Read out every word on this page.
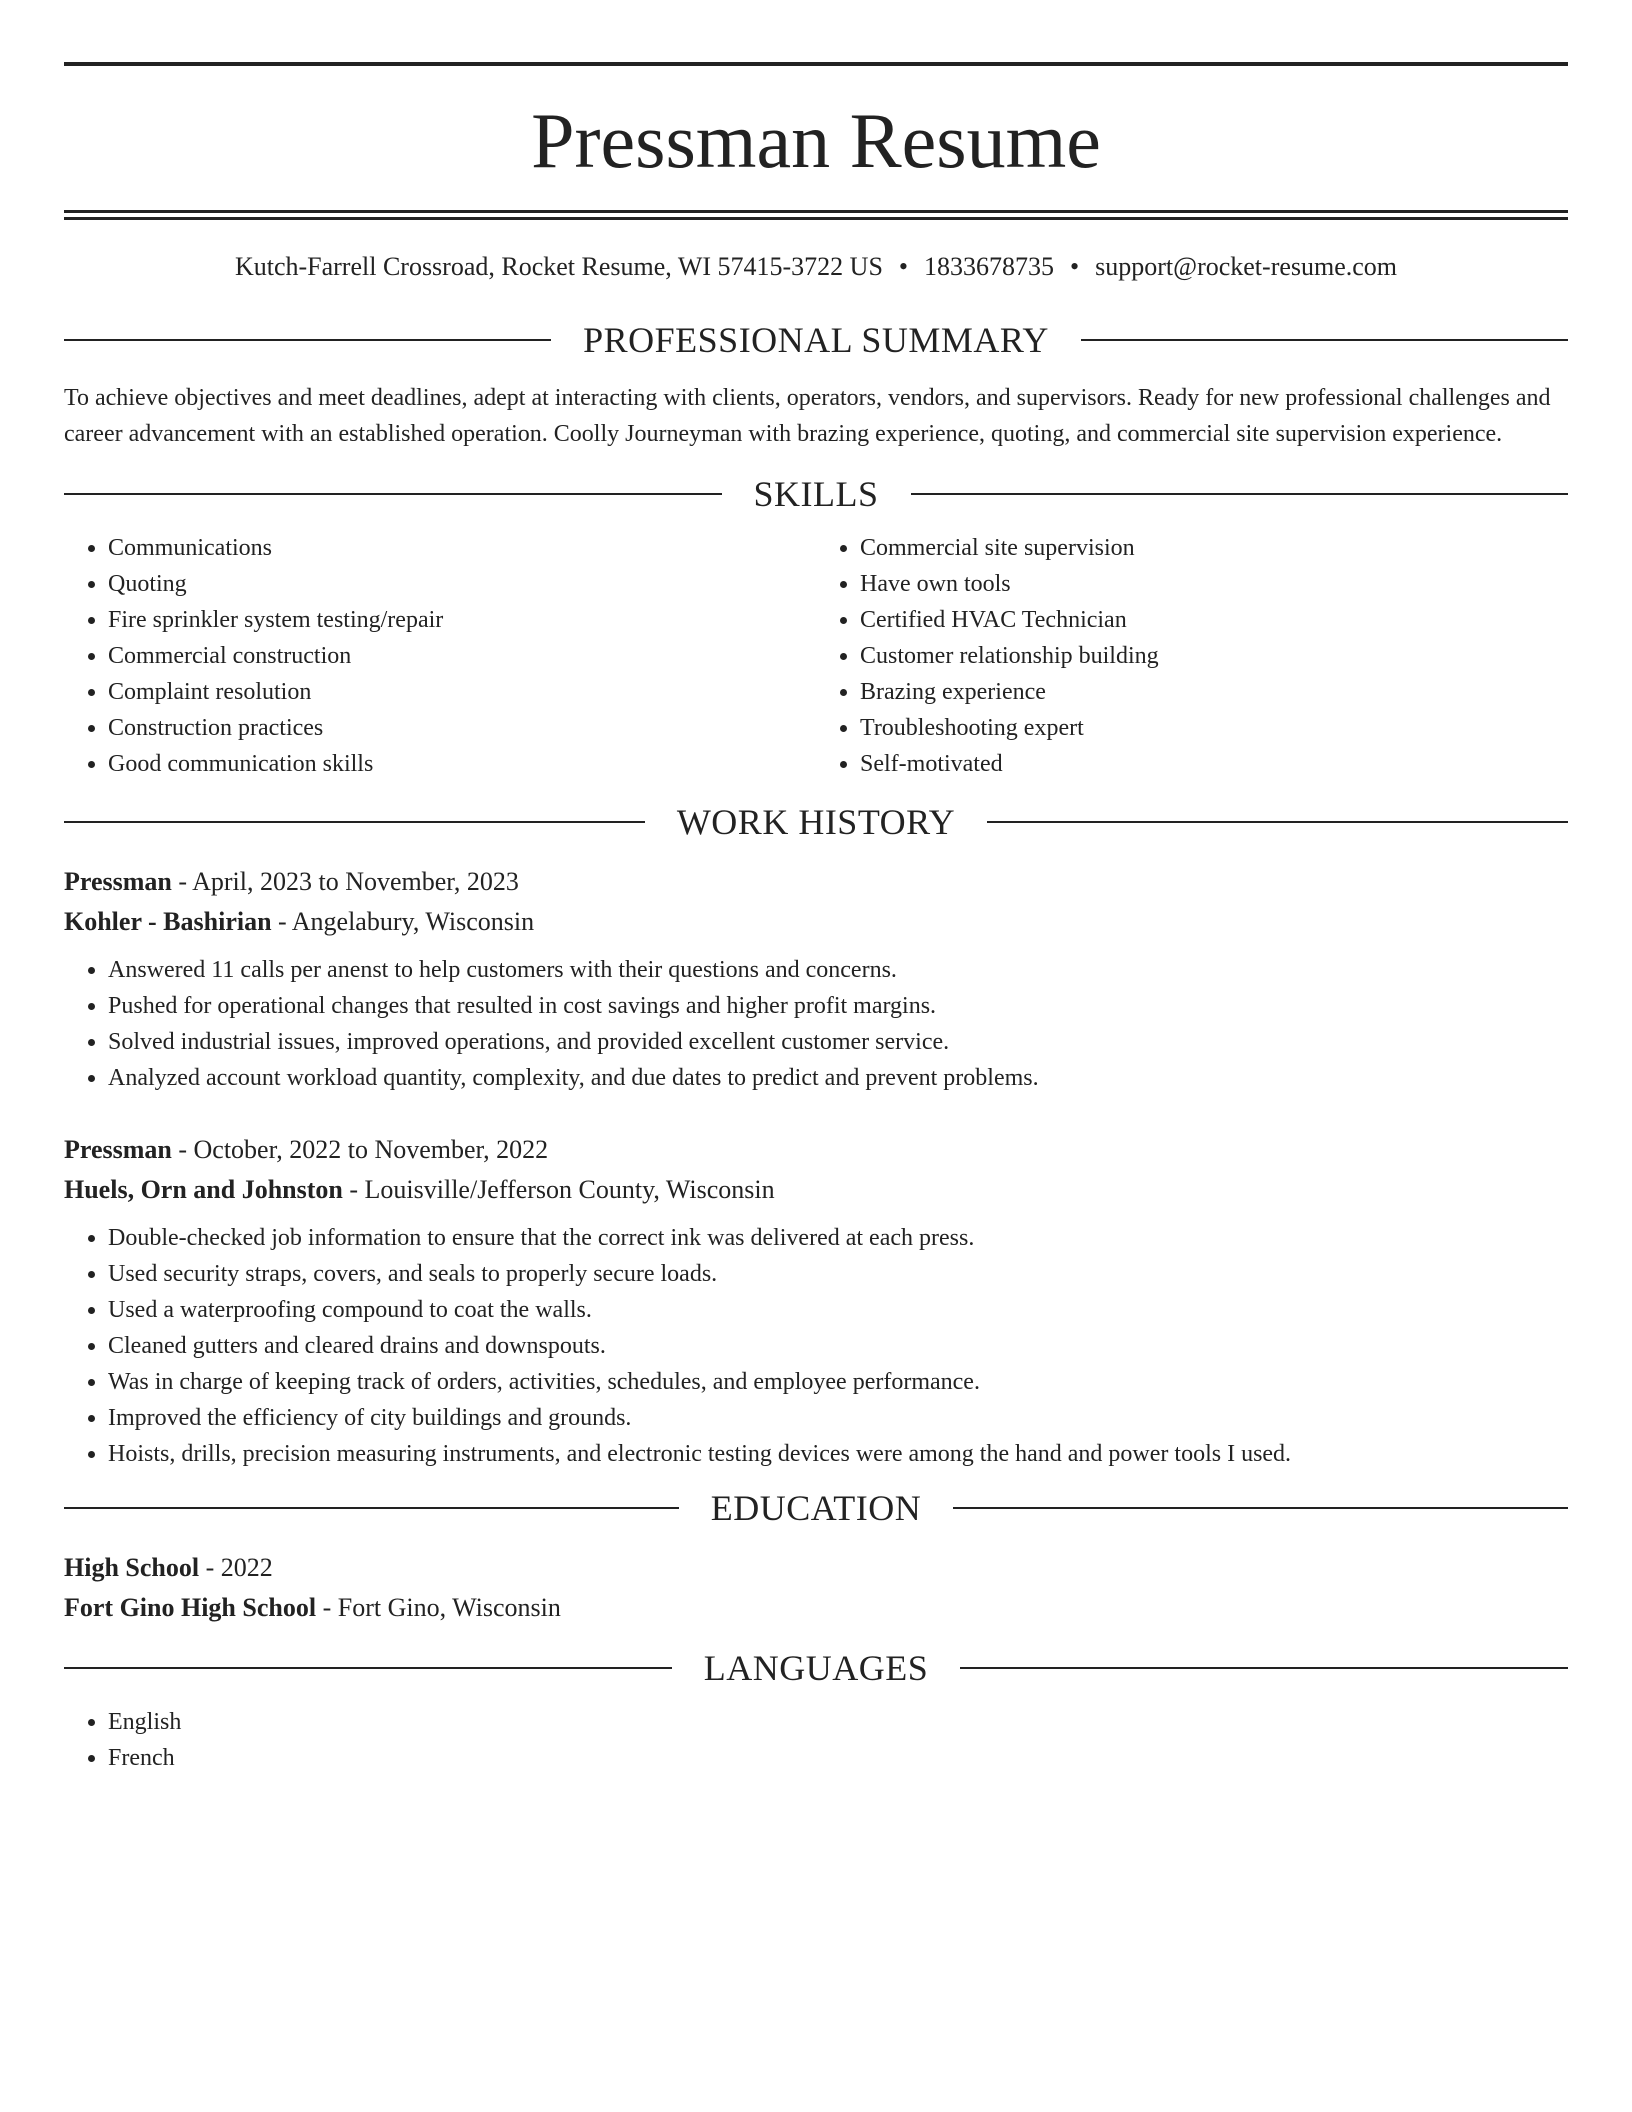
Pressman Resume
Kutch-Farrell Crossroad, Rocket Resume, WI 57415-3722 US • 1833678735 • support@rocket-resume.com
PROFESSIONAL SUMMARY

To achieve objectives and meet deadlines, adept at interacting with clients, operators, vendors, and supervisors. Ready for new professional challenges and career advancement with an established operation. Coolly Journeyman with brazing experience, quoting, and commercial site supervision experience.

SKILLS
• Communications
• Quoting
• Fire sprinkler system testing/repair
• Commercial construction
• Complaint resolution
• Construction practices
• Good communication skills
• Commercial site supervision
• Have own tools
• Certified HVAC Technician
• Customer relationship building
• Brazing experience
• Troubleshooting expert
• Self-motivated
WORK HISTORY
Pressman - April, 2023 to November, 2023
Kohler - Bashirian - Angelabury, Wisconsin
• Answered 11 calls per anenst to help customers with their questions and concerns.
• Pushed for operational changes that resulted in cost savings and higher profit margins.
• Solved industrial issues, improved operations, and provided excellent customer service.
• Analyzed account workload quantity, complexity, and due dates to predict and prevent problems.
Pressman - October, 2022 to November, 2022
Huels, Orn and Johnston - Louisville/Jefferson County, Wisconsin
• Double-checked job information to ensure that the correct ink was delivered at each press.
• Used security straps, covers, and seals to properly secure loads.
• Used a waterproofing compound to coat the walls.
• Cleaned gutters and cleared drains and downspouts.
• Was in charge of keeping track of orders, activities, schedules, and employee performance.
• Improved the efficiency of city buildings and grounds.
• Hoists, drills, precision measuring instruments, and electronic testing devices were among the hand and power tools I used.
EDUCATION
High School - 2022
Fort Gino High School - Fort Gino, Wisconsin
LANGUAGES
• English
• French
